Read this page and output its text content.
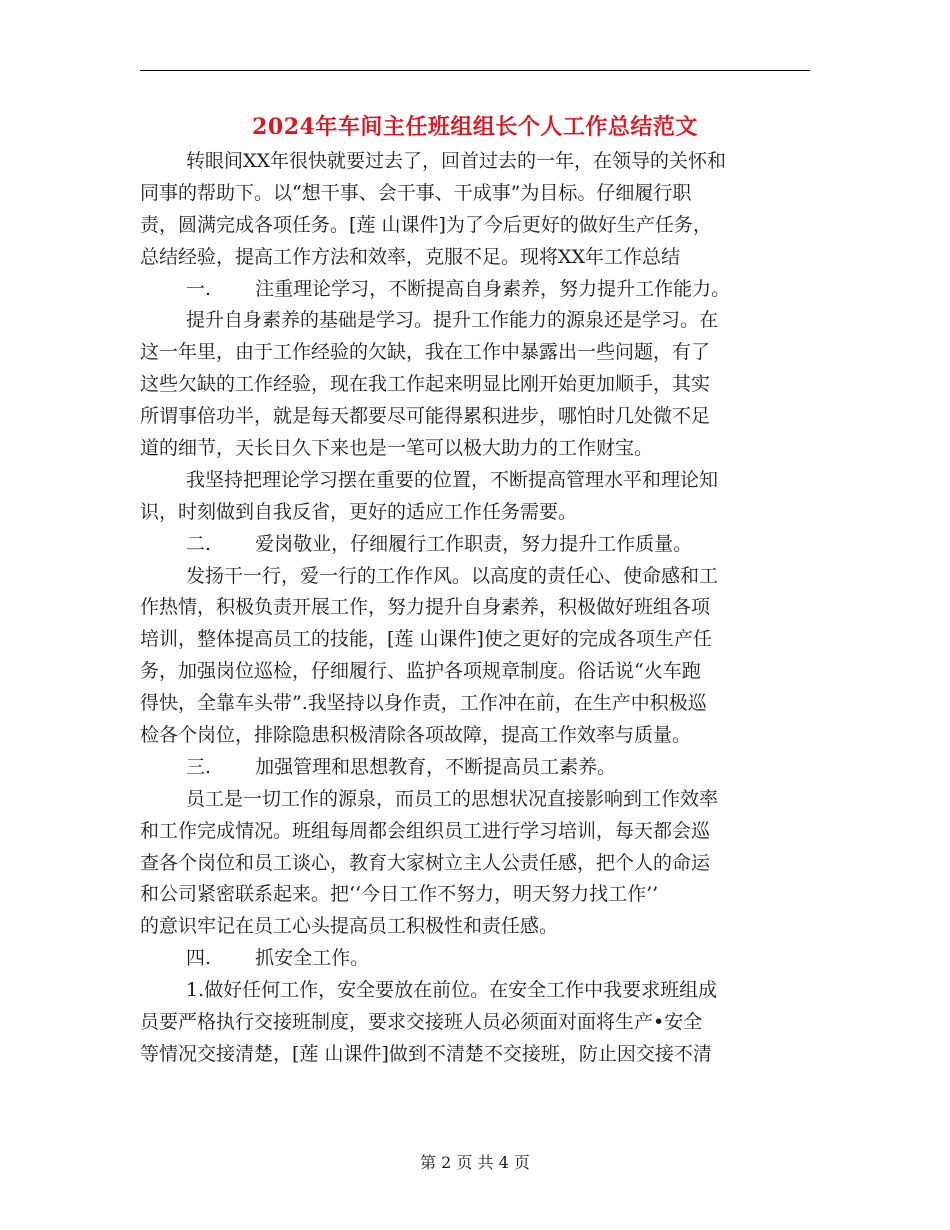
2024年车间主任班组组长个人工作总结范文
转眼间XX年很快就要过去了，回首过去的一年，在领导的关怀和
同事的帮助下。以“想干事、会干事、干成事”为目标。仔细履行职
责，圆满完成各项任务。[莲 山课件]为了今后更好的做好生产任务，
总结经验，提高工作方法和效率，克服不足。现将XX年工作总结
一.　　 注重理论学习，不断提高自身素养，努力提升工作能力。
提升自身素养的基础是学习。提升工作能力的源泉还是学习。在
这一年里，由于工作经验的欠缺，我在工作中暴露出一些问题，有了
这些欠缺的工作经验，现在我工作起来明显比刚开始更加顺手，其实
所谓事倍功半，就是每天都要尽可能得累积进步，哪怕时几处微不足
道的细节，天长日久下来也是一笔可以极大助力的工作财宝。
我坚持把理论学习摆在重要的位置，不断提高管理水平和理论知
识，时刻做到自我反省，更好的适应工作任务需要。
二.　　 爱岗敬业，仔细履行工作职责，努力提升工作质量。
发扬干一行，爱一行的工作作风。以高度的责任心、使命感和工
作热情，积极负责开展工作，努力提升自身素养，积极做好班组各项
培训，整体提高员工的技能，[莲 山课件]使之更好的完成各项生产任
务，加强岗位巡检，仔细履行、监护各项规章制度。俗话说“火车跑
得快，全靠车头带”.我坚持以身作责，工作冲在前，在生产中积极巡
检各个岗位，排除隐患积极清除各项故障，提高工作效率与质量。
三.　　 加强管理和思想教育，不断提高员工素养。
员工是一切工作的源泉，而员工的思想状况直接影响到工作效率
和工作完成情况。班组每周都会组织员工进行学习培训，每天都会巡
查各个岗位和员工谈心，教育大家树立主人公责任感，把个人的命运
和公司紧密联系起来。把‘‘今日工作不努力，明天努力找工作’’
的意识牢记在员工心头提高员工积极性和责任感。
四.　　 抓安全工作。
1.做好任何工作，安全要放在前位。在安全工作中我要求班组成
员要严格执行交接班制度，要求交接班人员必须面对面将生产•安全
等情况交接清楚，[莲 山课件]做到不清楚不交接班，防止因交接不清
第 2 页 共 4 页
